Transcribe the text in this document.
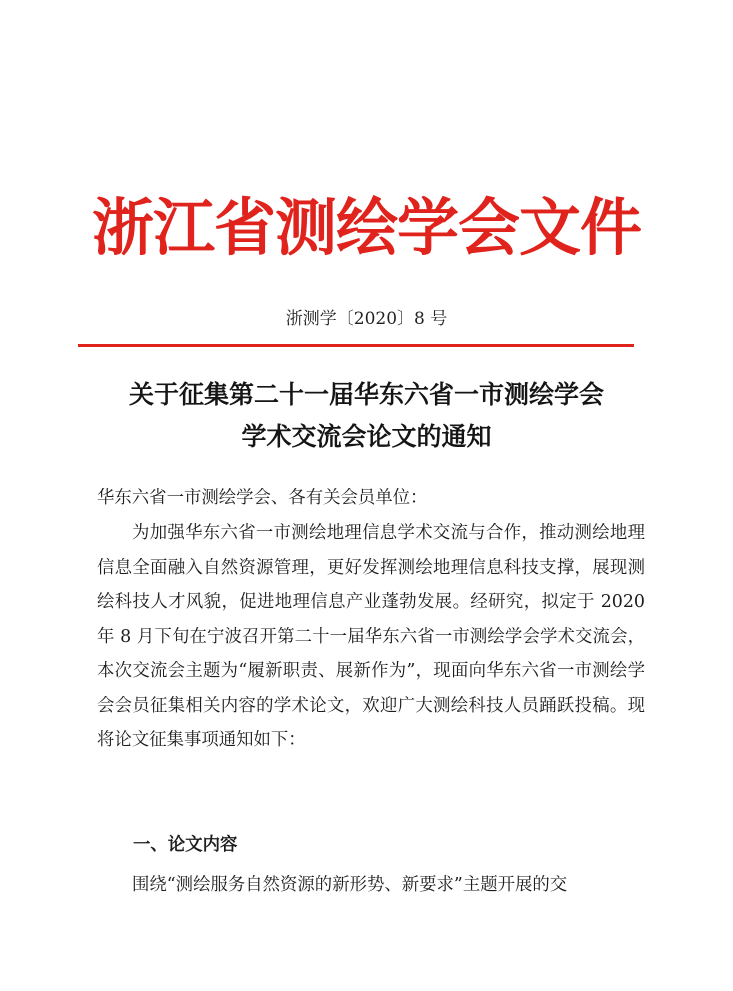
浙江省测绘学会文件
浙测学〔2020〕8 号
关于征集第二十一届华东六省一市测绘学会
学术交流会论文的通知
华东六省一市测绘学会、各有关会员单位：
为加强华东六省一市测绘地理信息学术交流与合作，推动测绘地理信息全面融入自然资源管理，更好发挥测绘地理信息科技支撑，展现测绘科技人才风貌，促进地理信息产业蓬勃发展。经研究，拟定于 2020 年 8 月下旬在宁波召开第二十一届华东六省一市测绘学会学术交流会，本次交流会主题为“履新职责、展新作为”，现面向华东六省一市测绘学会会员征集相关内容的学术论文，欢迎广大测绘科技人员踊跃投稿。现将论文征集事项通知如下：
一、论文内容
围绕“测绘服务自然资源的新形势、新要求”主题开展的交
